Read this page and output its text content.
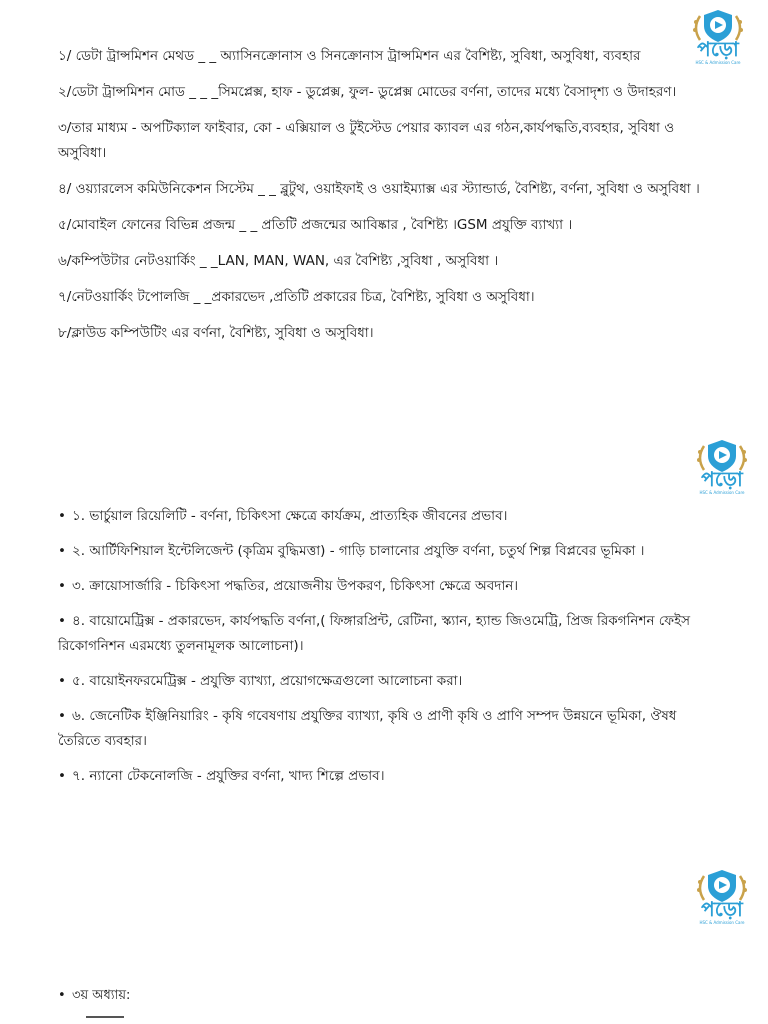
পড়ো
HSC & Admission Care
পড়ো
HSC & Admission Care
পড়ো
HSC & Admission Care

১/ ডেটা ট্রান্সমিশন মেথড _ _ অ্যাসিনক্রোনাস ও সিনক্রোনাস ট্রান্সমিশন এর বৈশিষ্ট্য, সুবিধা, অসুবিধা, ব্যবহার

২/ডেটা ট্রান্সমিশন মোড _ _ _সিমপ্লেক্স, হাফ - ডুপ্লেক্স, ফুল- ডুপ্লেক্স মোডের বর্ণনা, তাদের মধ্যে বৈসাদৃশ্য ও উদাহরণ।

৩/তার মাধ্যম - অপটিক্যাল ফাইবার, কো - এক্সিয়াল ও টুইস্টেড পেয়ার ক্যাবল এর গঠন,কার্যপদ্ধতি,ব্যবহার, সুবিধা ও অসুবিধা।

৪/ ওয়্যারলেস কমিউনিকেশন সিস্টেম _ _ ব্লুটুথ, ওয়াইফাই ও ওয়াইম্যাক্স এর স্ট্যান্ডার্ড, বৈশিষ্ট্য, বর্ণনা, সুবিধা ও অসুবিধা ।

৫/মোবাইল ফোনের বিভিন্ন প্রজন্ম _ _ প্রতিটি প্রজন্মের আবিষ্কার , বৈশিষ্ট্য ।GSM প্রযুক্তি ব্যাখ্যা ।

৬/কম্পিউটার নেটওয়ার্কিং _ _LAN, MAN, WAN, এর বৈশিষ্ট্য ,সুবিধা , অসুবিধা ।

৭/নেটওয়ার্কিং টপোলজি _ _প্রকারভেদ ,প্রতিটি প্রকারের চিত্র, বৈশিষ্ট্য, সুবিধা ও অসুবিধা।

৮/ক্লাউড কম্পিউটিং এর বর্ণনা, বৈশিষ্ট্য, সুবিধা ও অসুবিধা।

• ১. ভার্চুয়াল রিয়েলিটি - বর্ণনা, চিকিৎসা ক্ষেত্রে কার্যক্রম, প্রাত্যহিক জীবনের প্রভাব।

• ২. আর্টিফিশিয়াল ইন্টেলিজেন্ট (কৃত্রিম বুদ্ধিমত্তা) - গাড়ি চালানোর প্রযুক্তি বর্ণনা, চতুর্থ শিল্প বিপ্লবের ভূমিকা ।

• ৩. ক্রায়োসার্জারি - চিকিৎসা পদ্ধতির, প্রয়োজনীয় উপকরণ, চিকিৎসা ক্ষেত্রে অবদান।

• ৪. বায়োমেট্রিক্স - প্রকারভেদ, কার্যপদ্ধতি বর্ণনা,( ফিঙ্গারপ্রিন্ট, রেটিনা, স্ক্যান, হ্যান্ড জিওমেট্রি, প্রিজ রিকগনিশন ফেইস রিকোগনিশন এরমধ্যে তুলনামূলক আলোচনা)।

• ৫. বায়োইনফরমেট্রিক্স - প্রযুক্তি ব্যাখ্যা, প্রয়োগক্ষেত্রগুলো আলোচনা করা।

• ৬. জেনেটিক ইঞ্জিনিয়ারিং - কৃষি গবেষণায় প্রযুক্তির ব্যাখ্যা, কৃষি ও প্রাণী কৃষি ও প্রাণি সম্পদ উন্নয়নে ভূমিকা, ঔষধ তৈরিতে ব্যবহার।

• ৭. ন্যানো টেকনোলজি - প্রযুক্তির বর্ণনা, খাদ্য শিল্পে প্রভাব।

• ৩য় অধ্যায়:
